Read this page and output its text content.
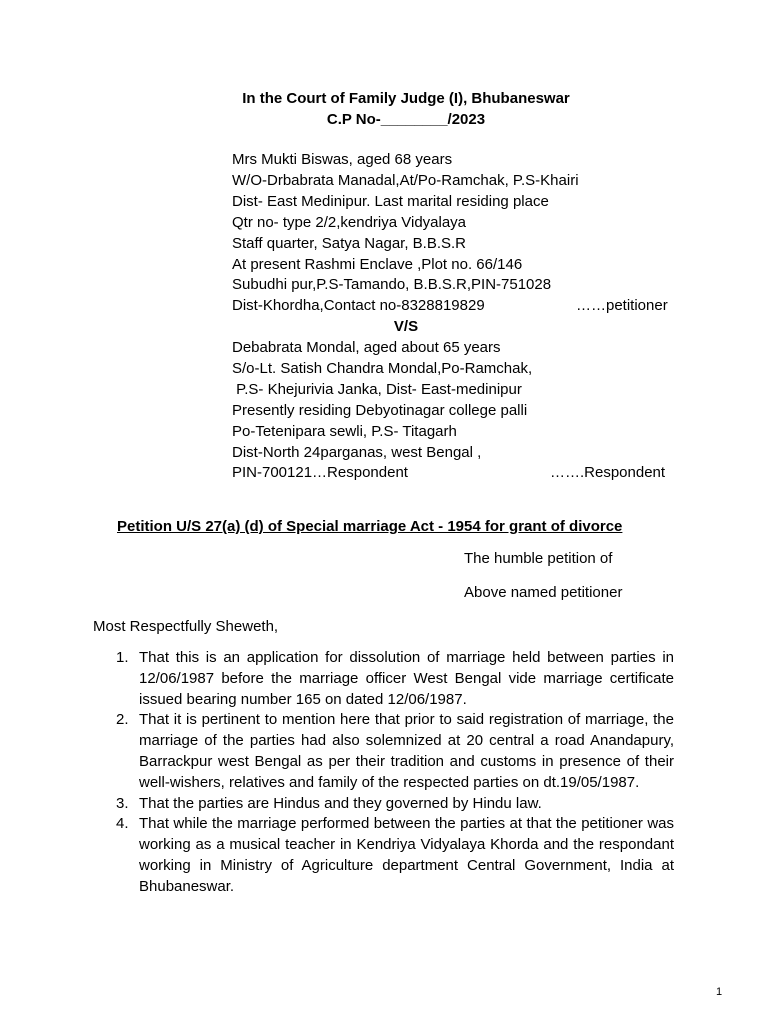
In the Court of Family Judge (I), Bhubaneswar
C.P No-________/2023
Mrs Mukti Biswas, aged 68 years
W/O-Drbabrata Manadal,At/Po-Ramchak, P.S-Khairi
Dist- East Medinipur. Last marital residing place
Qtr no- type 2/2,kendriya Vidyalaya
Staff quarter, Satya Nagar, B.B.S.R
At present Rashmi Enclave ,Plot no. 66/146
Subudhi pur,P.S-Tamando, B.B.S.R,PIN-751028
Dist-Khordha,Contact no-8328819829	……petitioner
V/S
Debabrata Mondal, aged about 65 years
S/o-Lt. Satish Chandra Mondal,Po-Ramchak,
P.S- Khejurivia Janka, Dist- East-medinipur
Presently residing Debyotinagar college palli
Po-Tetenipara sewli, P.S- Titagarh
Dist-North 24parganas, west Bengal ,
PIN-700121…Respondent	…….Respondent
Petition U/S 27(a) (d) of Special marriage Act - 1954 for grant of divorce
The humble petition of
Above named petitioner
Most Respectfully Sheweth,
1. That this is an application for dissolution of marriage held between parties in 12/06/1987 before the marriage officer West Bengal vide marriage certificate issued bearing number 165 on dated 12/06/1987.
2. That it is pertinent to mention here that prior to said registration of marriage, the marriage of the parties had also solemnized at 20 central a road Anandapury, Barrackpur west Bengal as per their tradition and customs in presence of their well-wishers, relatives and family of the respected parties on dt.19/05/1987.
3. That the parties are Hindus and they governed by Hindu law.
4. That while the marriage performed between the parties at that the petitioner was working as a musical teacher in Kendriya Vidyalaya Khorda and the respondant working in Ministry of Agriculture department Central Government, India at Bhubaneswar.
1
